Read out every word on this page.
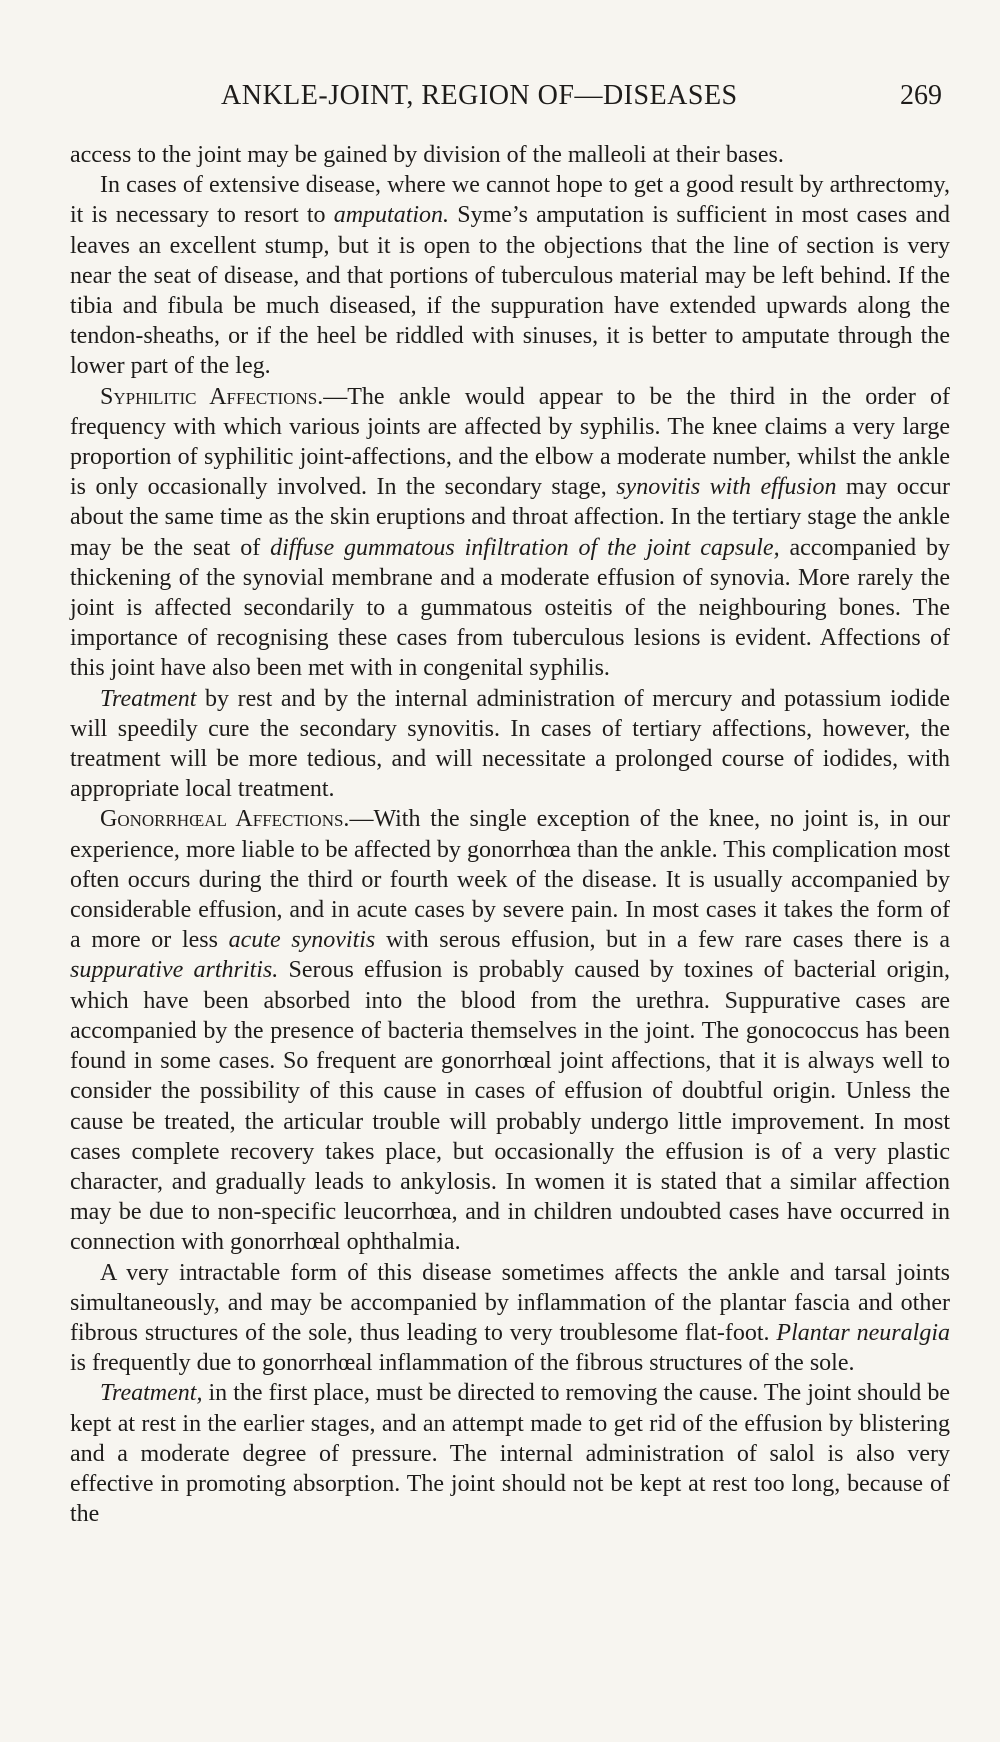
ANKLE-JOINT, REGION OF—DISEASES	269

access to the joint may be gained by division of the malleoli at their bases.

In cases of extensive disease, where we cannot hope to get a good result by arthrectomy, it is necessary to resort to amputation. Syme’s amputation is sufficient in most cases and leaves an excellent stump, but it is open to the objections that the line of section is very near the seat of disease, and that portions of tuberculous material may be left behind. If the tibia and fibula be much diseased, if the suppuration have extended upwards along the tendon-sheaths, or if the heel be riddled with sinuses, it is better to amputate through the lower part of the leg.

Syphilitic Affections.—The ankle would appear to be the third in the order of frequency with which various joints are affected by syphilis. The knee claims a very large proportion of syphilitic joint-affections, and the elbow a moderate number, whilst the ankle is only occasionally involved. In the secondary stage, synovitis with effusion may occur about the same time as the skin eruptions and throat affection. In the tertiary stage the ankle may be the seat of diffuse gummatous infiltration of the joint capsule, accompanied by thickening of the synovial membrane and a moderate effusion of synovia. More rarely the joint is affected secondarily to a gummatous osteitis of the neighbouring bones. The importance of recognising these cases from tuberculous lesions is evident. Affections of this joint have also been met with in congenital syphilis.

Treatment by rest and by the internal administration of mercury and potassium iodide will speedily cure the secondary synovitis. In cases of tertiary affections, however, the treatment will be more tedious, and will necessitate a prolonged course of iodides, with appropriate local treatment.

Gonorrhœal Affections.—With the single exception of the knee, no joint is, in our experience, more liable to be affected by gonorrhœa than the ankle. This complication most often occurs during the third or fourth week of the disease. It is usually accompanied by considerable effusion, and in acute cases by severe pain. In most cases it takes the form of a more or less acute synovitis with serous effusion, but in a few rare cases there is a suppurative arthritis. Serous effusion is probably caused by toxines of bacterial origin, which have been absorbed into the blood from the urethra. Suppurative cases are accompanied by the presence of bacteria themselves in the joint. The gonococcus has been found in some cases. So frequent are gonorrhœal joint affections, that it is always well to consider the possibility of this cause in cases of effusion of doubtful origin. Unless the cause be treated, the articular trouble will probably undergo little improvement. In most cases complete recovery takes place, but occasionally the effusion is of a very plastic character, and gradually leads to ankylosis. In women it is stated that a similar affection may be due to non-specific leucorrhœa, and in children undoubted cases have occurred in connection with gonorrhœal ophthalmia.

A very intractable form of this disease sometimes affects the ankle and tarsal joints simultaneously, and may be accompanied by inflammation of the plantar fascia and other fibrous structures of the sole, thus leading to very troublesome flat-foot. Plantar neuralgia is frequently due to gonorrhœal inflammation of the fibrous structures of the sole.

Treatment, in the first place, must be directed to removing the cause. The joint should be kept at rest in the earlier stages, and an attempt made to get rid of the effusion by blistering and a moderate degree of pressure. The internal administration of salol is also very effective in promoting absorption. The joint should not be kept at rest too long, because of the
